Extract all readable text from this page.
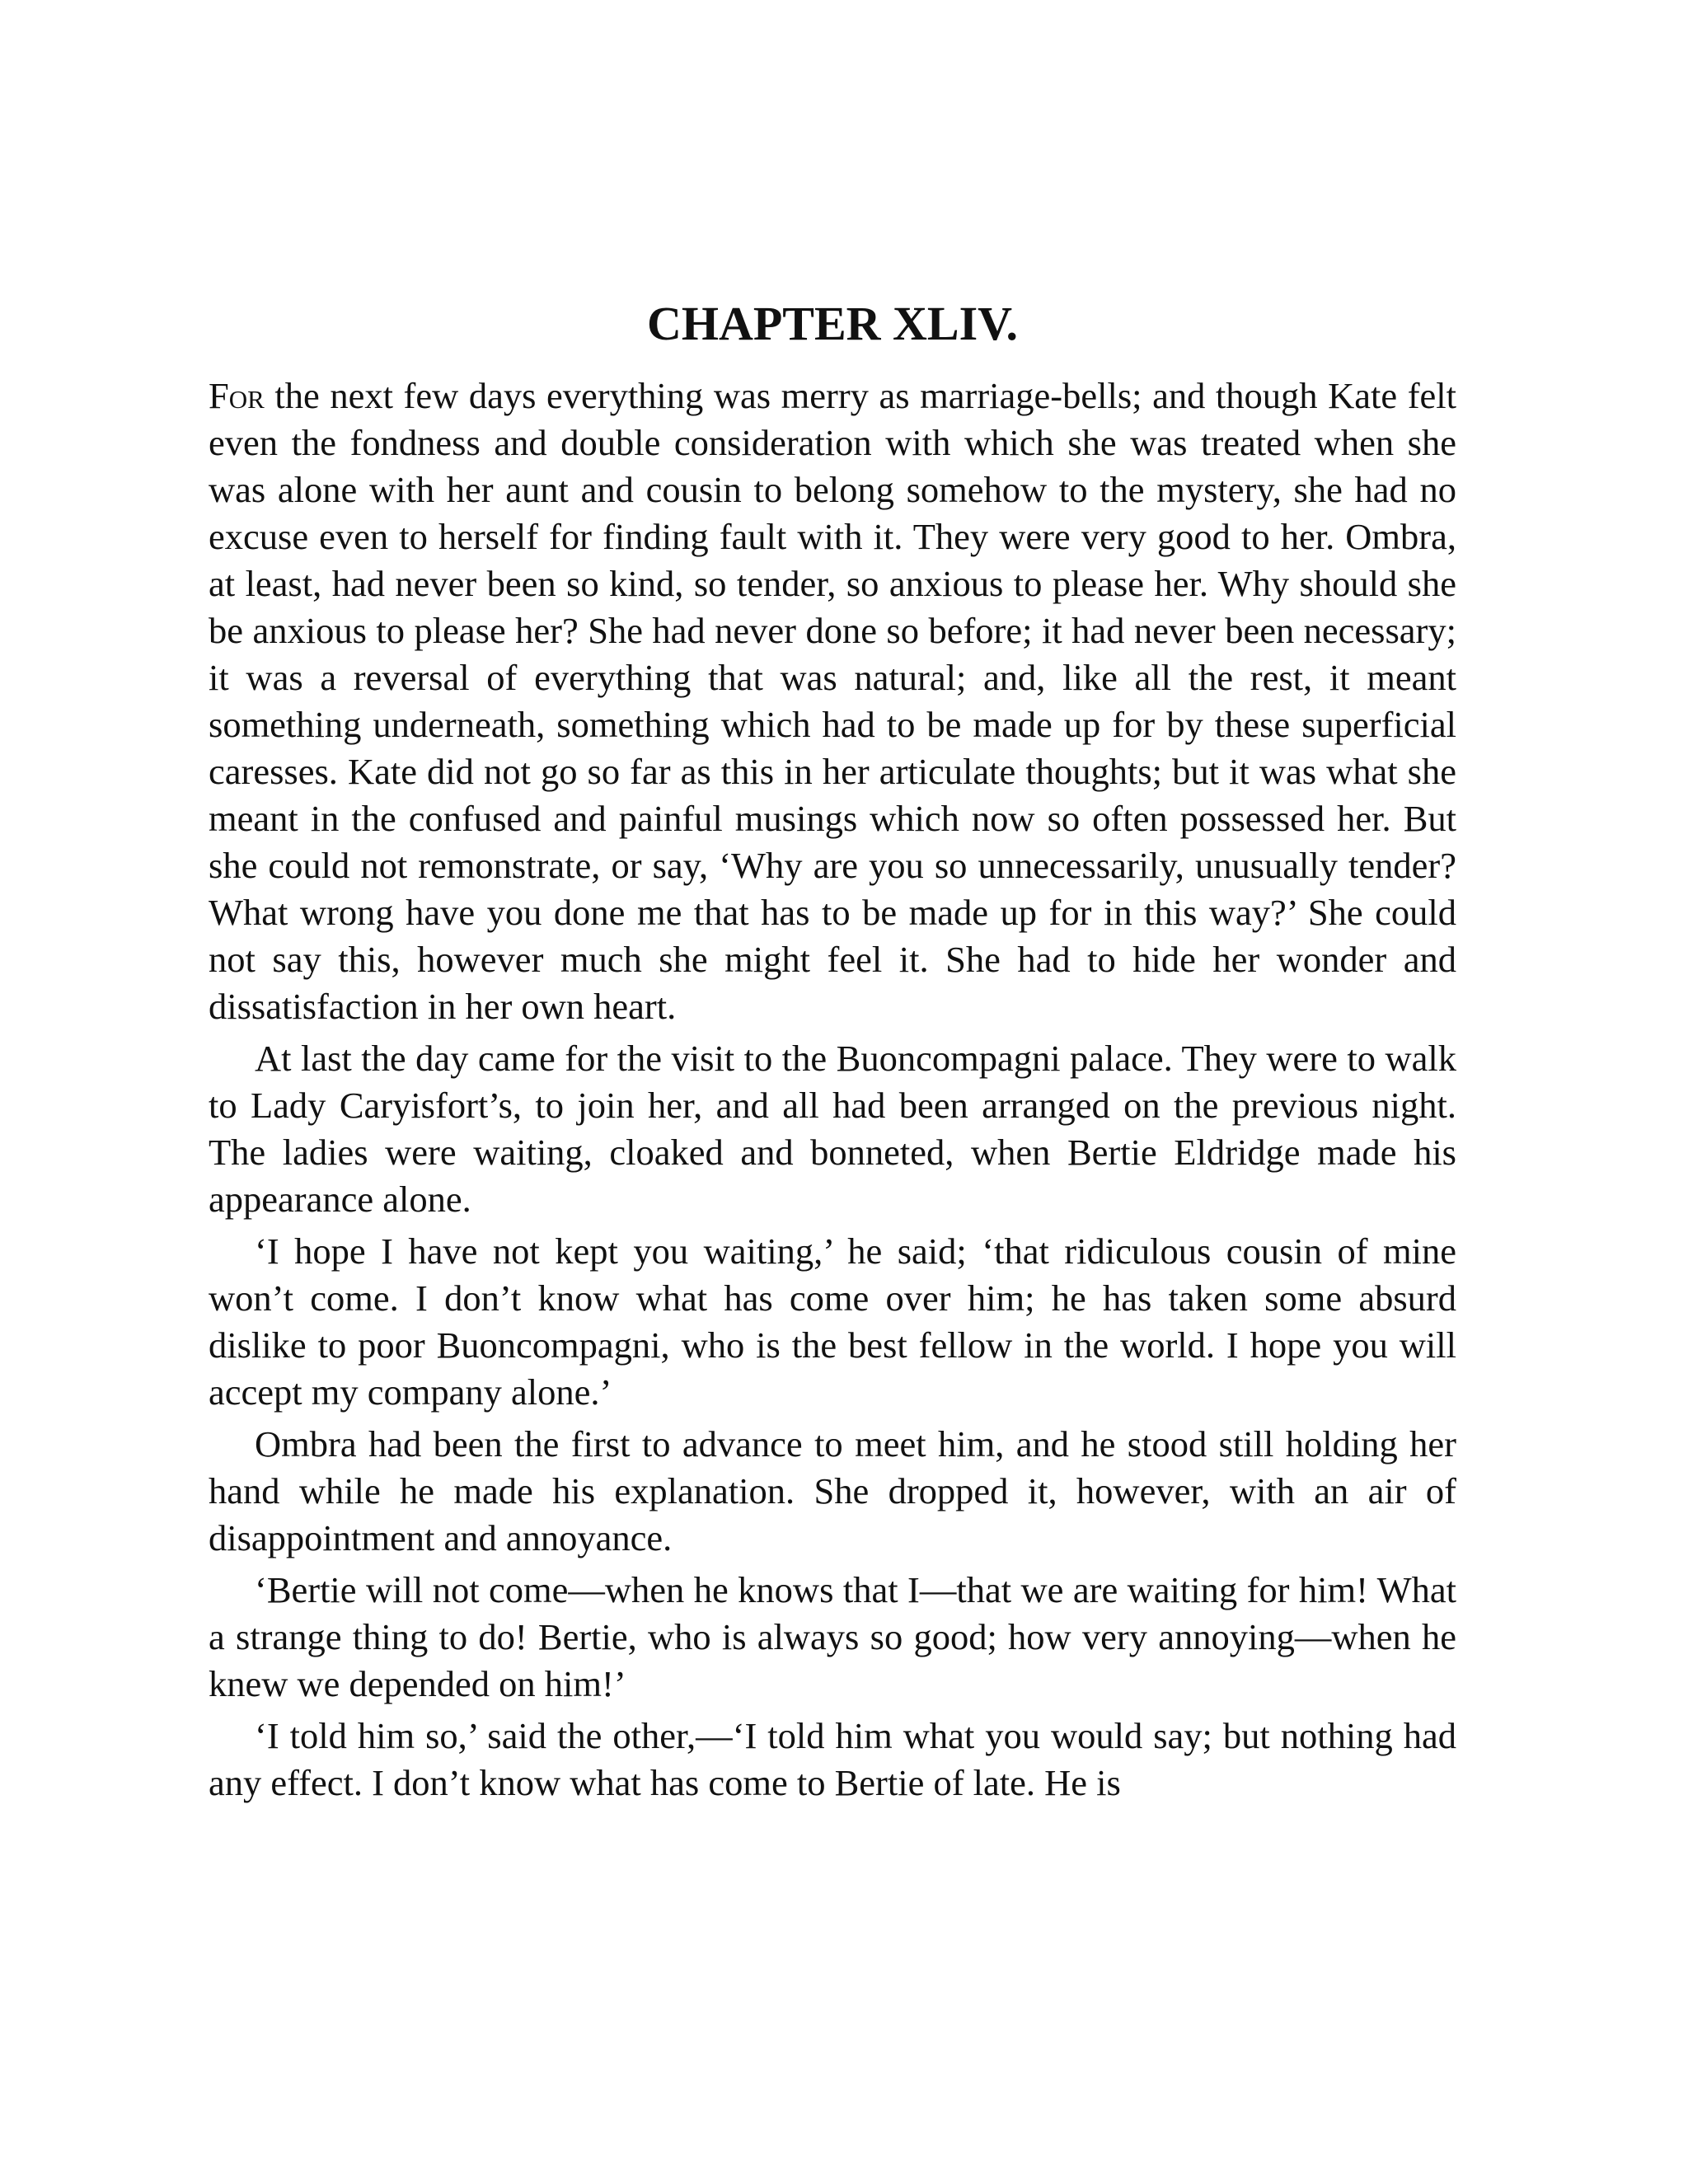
CHAPTER XLIV.

For the next few days everything was merry as marriage-bells; and though Kate felt even the fondness and double consideration with which she was treated when she was alone with her aunt and cousin to belong somehow to the mystery, she had no excuse even to herself for finding fault with it. They were very good to her. Ombra, at least, had never been so kind, so tender, so anxious to please her. Why should she be anxious to please her? She had never done so before; it had never been necessary; it was a reversal of everything that was natural; and, like all the rest, it meant something underneath, something which had to be made up for by these superficial caresses. Kate did not go so far as this in her articulate thoughts; but it was what she meant in the confused and painful musings which now so often possessed her. But she could not remonstrate, or say, ‘Why are you so unnecessarily, unusually tender? What wrong have you done me that has to be made up for in this way?’ She could not say this, however much she might feel it. She had to hide her wonder and dissatisfaction in her own heart.

At last the day came for the visit to the Buoncompagni palace. They were to walk to Lady Caryisfort’s, to join her, and all had been arranged on the previous night. The ladies were waiting, cloaked and bonneted, when Bertie Eldridge made his appearance alone.

‘I hope I have not kept you waiting,’ he said; ‘that ridiculous cousin of mine won’t come. I don’t know what has come over him; he has taken some absurd dislike to poor Buoncompagni, who is the best fellow in the world. I hope you will accept my company alone.’

Ombra had been the first to advance to meet him, and he stood still holding her hand while he made his explanation. She dropped it, however, with an air of disappointment and annoyance.

‘Bertie will not come—when he knows that I—that we are waiting for him! What a strange thing to do! Bertie, who is always so good; how very annoying—when he knew we depended on him!’

‘I told him so,’ said the other,—‘I told him what you would say; but nothing had any effect. I don’t know what has come to Bertie of late. He is
